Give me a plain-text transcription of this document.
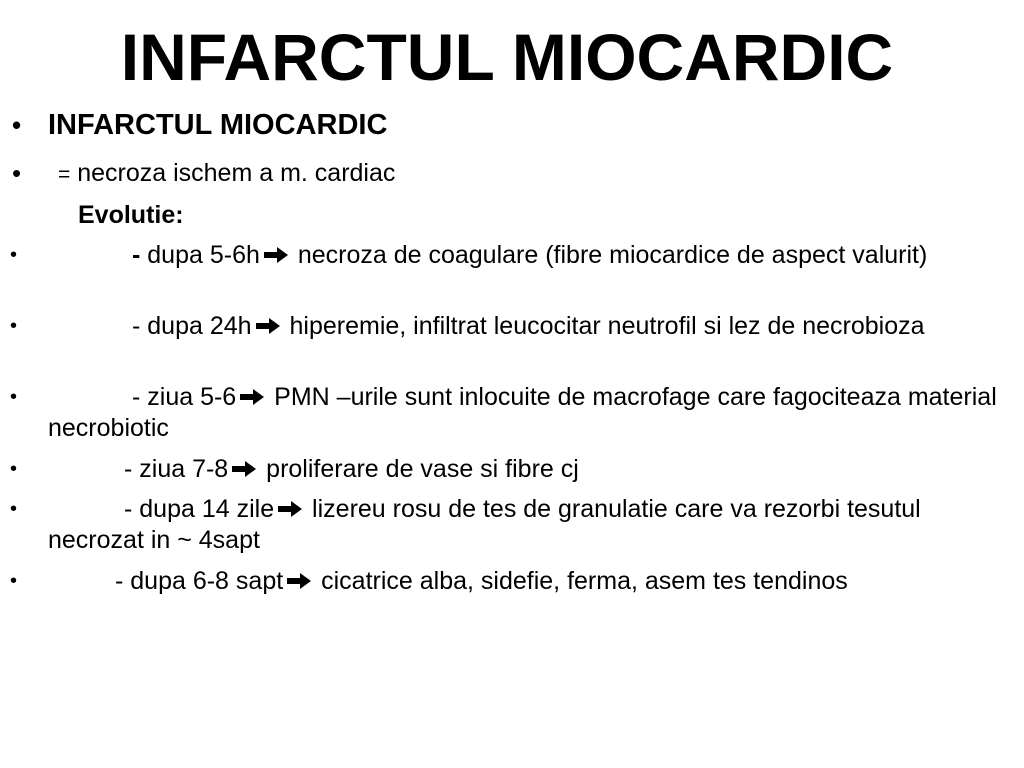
INFARCTUL MIOCARDIC
• INFARCTUL MIOCARDIC
• = necroza ischem a m. cardiac
Evolutie:
•	- dupa 5-6h
necroza de coagulare (fibre miocardice de aspect valurit)
•	- dupa 24h
hiperemie, infiltrat leucocitar neutrofil si lez de necrobioza
•	- ziua 5-6
PMN –urile sunt inlocuite de macrofage care fagociteaza material necrobiotic
•	- ziua 7-8
proliferare de vase si fibre cj
•	- dupa 14 zile
lizereu rosu de tes de granulatie care va rezorbi tesutul necrozat in ~ 4sapt
•	- dupa 6-8 sapt
cicatrice alba, sidefie, ferma, asem tes tendinos
